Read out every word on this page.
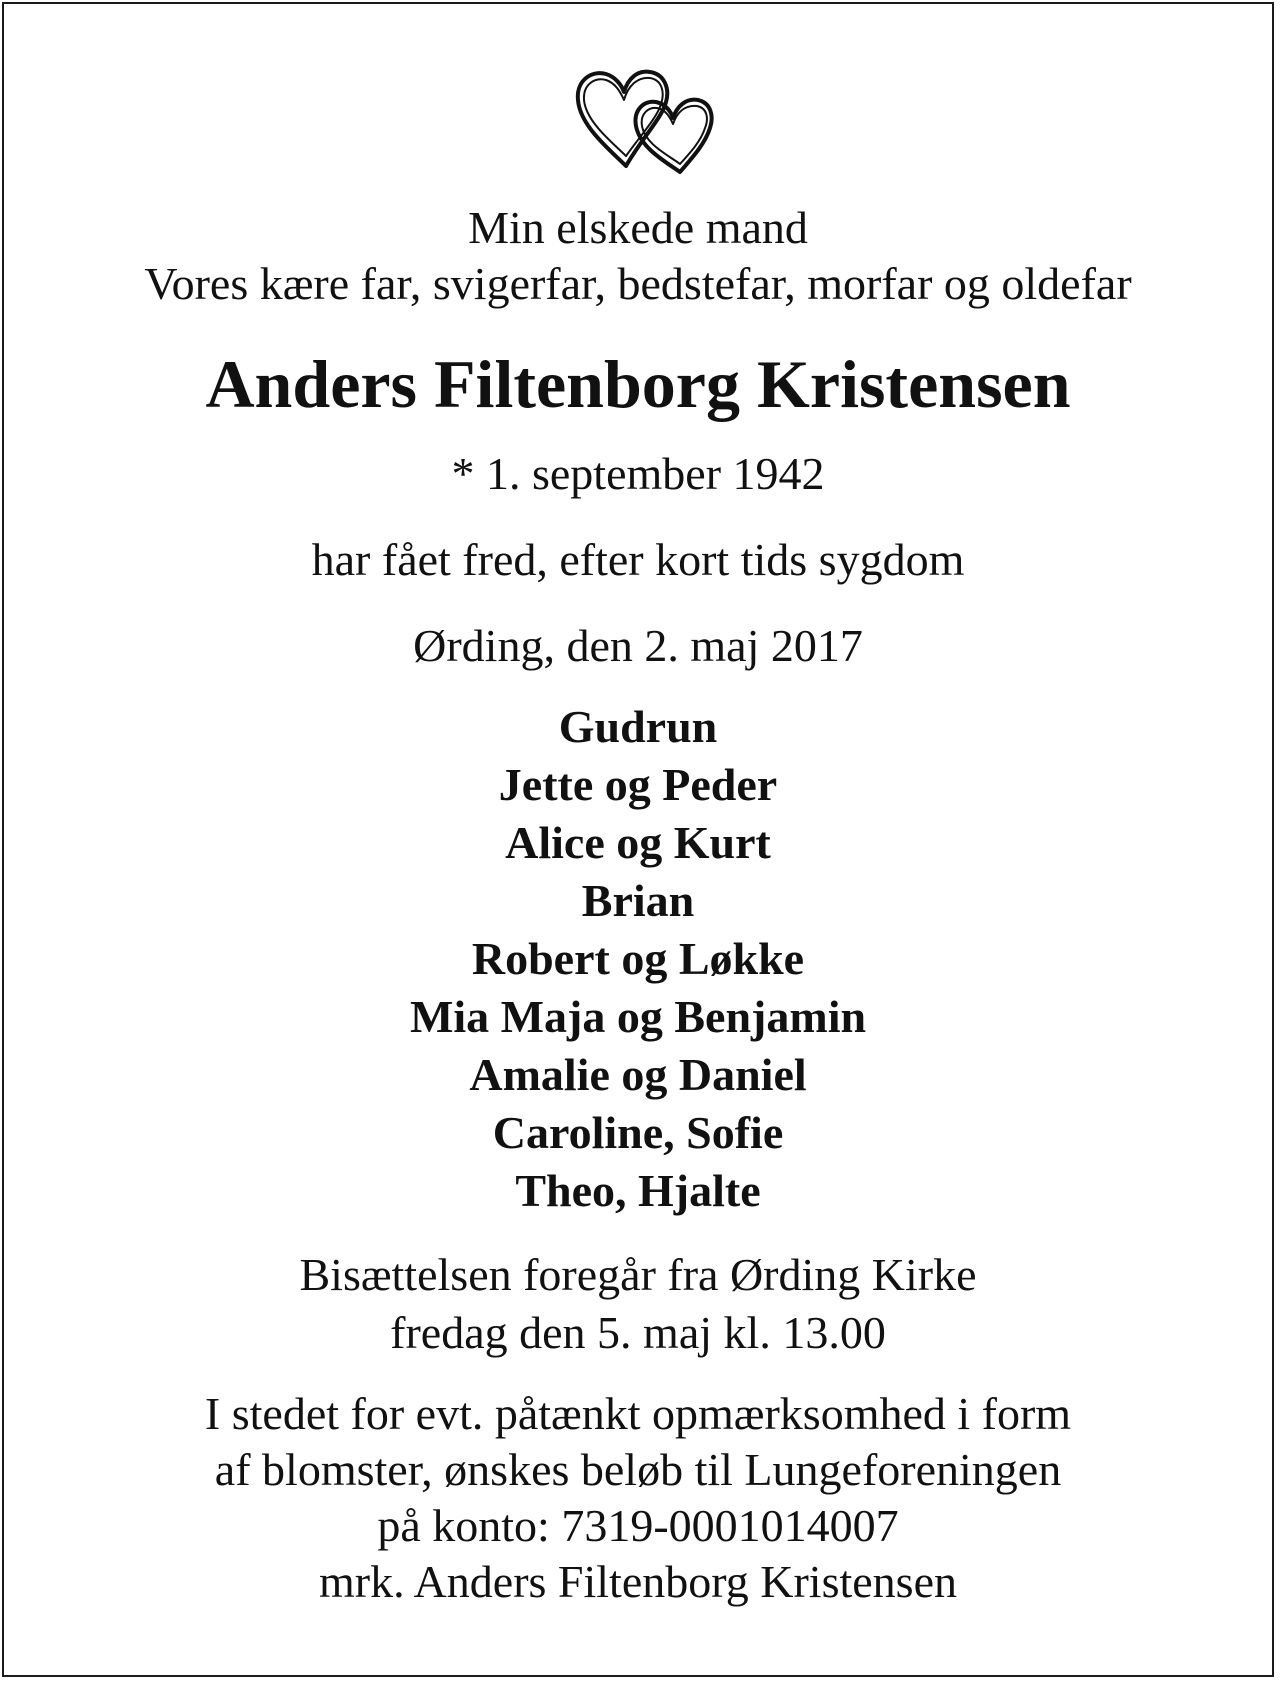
Min elskede mand
Vores kære far, svigerfar, bedstefar, morfar og oldefar
Anders Filtenborg Kristensen
* 1. september 1942
har fået fred, efter kort tids sygdom
Ørding, den 2. maj 2017
Gudrun
Jette og Peder
Alice og Kurt
Brian
Robert og Løkke
Mia Maja og Benjamin
Amalie og Daniel
Caroline, Sofie
Theo, Hjalte
Bisættelsen foregår fra Ørding Kirke
fredag den 5. maj kl. 13.00
I stedet for evt. påtænkt opmærksomhed i form
af blomster, ønskes beløb til Lungeforeningen
på konto: 7319-0001014007
mrk. Anders Filtenborg Kristensen
